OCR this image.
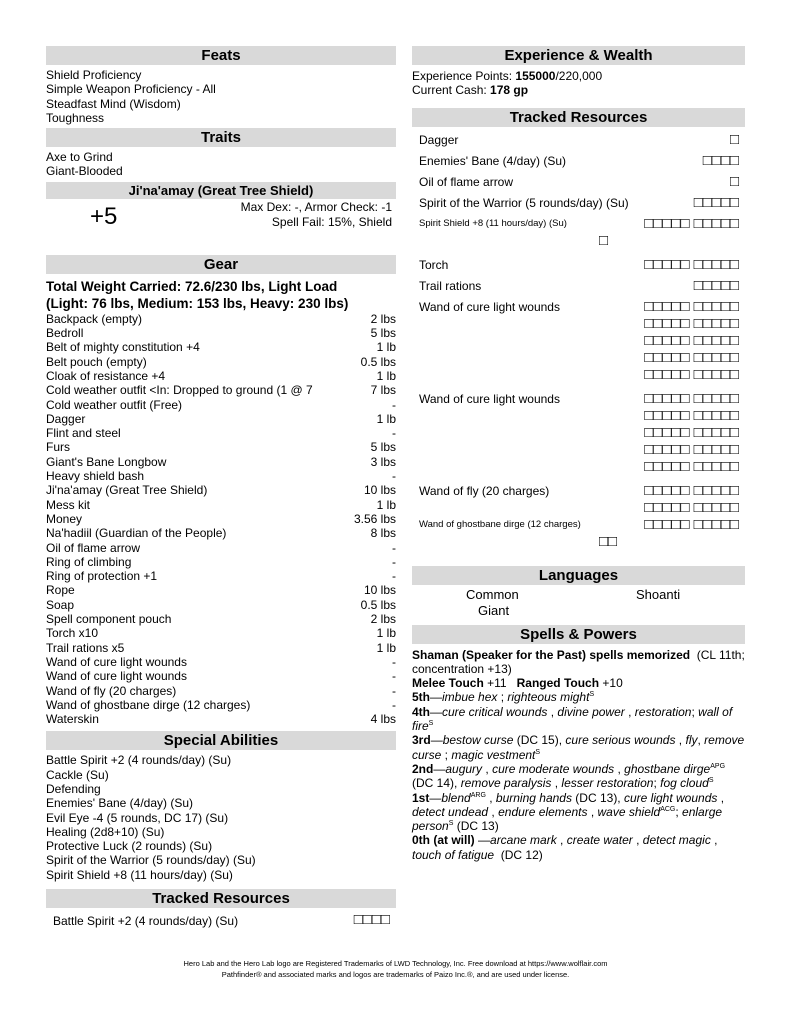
Feats
Shield Proficiency
Simple Weapon Proficiency - All
Steadfast Mind (Wisdom)
Toughness
Traits
Axe to Grind
Giant-Blooded
Ji'na'amay (Great Tree Shield)
+5	Max Dex: -, Armor Check: -1
Spell Fail: 15%, Shield
Gear
Total Weight Carried: 72.6/230 lbs, Light Load
(Light: 76 lbs, Medium: 153 lbs, Heavy: 230 lbs)
Backpack (empty)	2 lbs
Bedroll	5 lbs
Belt of mighty constitution +4	1 lb
Belt pouch (empty)	0.5 lbs
Cloak of resistance +4	1 lb
Cold weather outfit <In: Dropped to ground (1 @ 7	7 lbs
Cold weather outfit (Free)	-
Dagger	1 lb
Flint and steel	-
Furs	5 lbs
Giant's Bane Longbow	3 lbs
Heavy shield bash	-
Ji'na'amay (Great Tree Shield)	10 lbs
Mess kit	1 lb
Money	3.56 lbs
Na'hadiil (Guardian of the People)	8 lbs
Oil of flame arrow	-
Ring of climbing	-
Ring of protection +1	-
Rope	10 lbs
Soap	0.5 lbs
Spell component pouch	2 lbs
Torch x10	1 lb
Trail rations x5	1 lb
Wand of cure light wounds	-
Wand of cure light wounds	-
Wand of fly (20 charges)	-
Wand of ghostbane dirge (12 charges)	-
Waterskin	4 lbs
Special Abilities
Battle Spirit +2 (4 rounds/day) (Su)
Cackle (Su)
Defending
Enemies' Bane (4/day) (Su)
Evil Eye -4 (5 rounds, DC 17) (Su)
Healing (2d8+10) (Su)
Protective Luck (2 rounds) (Su)
Spirit of the Warrior (5 rounds/day) (Su)
Spirit Shield +8 (11 hours/day) (Su)
Tracked Resources
Battle Spirit +2 (4 rounds/day) (Su)	□□□□
Experience & Wealth
Experience Points: 155000/220,000
Current Cash: 178 gp
Tracked Resources
Dagger	□
Enemies' Bane (4/day) (Su)	□□□□
Oil of flame arrow	□
Spirit of the Warrior (5 rounds/day) (Su)	□□□□□
Spirit Shield +8 (11 hours/day) (Su)	□□□□□ □□□□□
□
Torch	□□□□□ □□□□□
Trail rations	□□□□□
Wand of cure light wounds	□□□□□ □□□□□
□□□□□ □□□□□
□□□□□ □□□□□
□□□□□ □□□□□
□□□□□ □□□□□
Wand of cure light wounds	□□□□□ □□□□□
□□□□□ □□□□□
□□□□□ □□□□□
□□□□□ □□□□□
□□□□□ □□□□□
Wand of fly (20 charges)	□□□□□ □□□□□
□□□□□ □□□□□
Wand of ghostbane dirge (12 charges)	□□□□□ □□□□□
□□
Languages
Common	Shoanti
Giant
Spells & Powers
Shaman (Speaker for the Past) spells memorized  (CL 11th; concentration +13)
Melee Touch +11   Ranged Touch +10
5th—imbue hex ; righteous might$^S$
4th—cure critical wounds , divine power , restoration; wall of fire$^S$
3rd—bestow curse (DC 15), cure serious wounds , fly, remove curse ; magic vestment$^S$
2nd—augury , cure moderate wounds , ghostbane dirge$^{APG}$ (DC 14), remove paralysis , lesser restoration; fog cloud$^S$
1st—blend$^{ARG}$ , burning hands (DC 13), cure light wounds , detect undead , endure elements , wave shield$^{ACG}$; enlarge person$^S$ (DC 13)
0th (at will) —arcane mark , create water , detect magic , touch of fatigue  (DC 12)
Hero Lab and the Hero Lab logo are Registered Trademarks of LWD Technology, Inc. Free download at https://www.wolflair.com
Pathfinder® and associated marks and logos are trademarks of Paizo Inc.®, and are used under license.
